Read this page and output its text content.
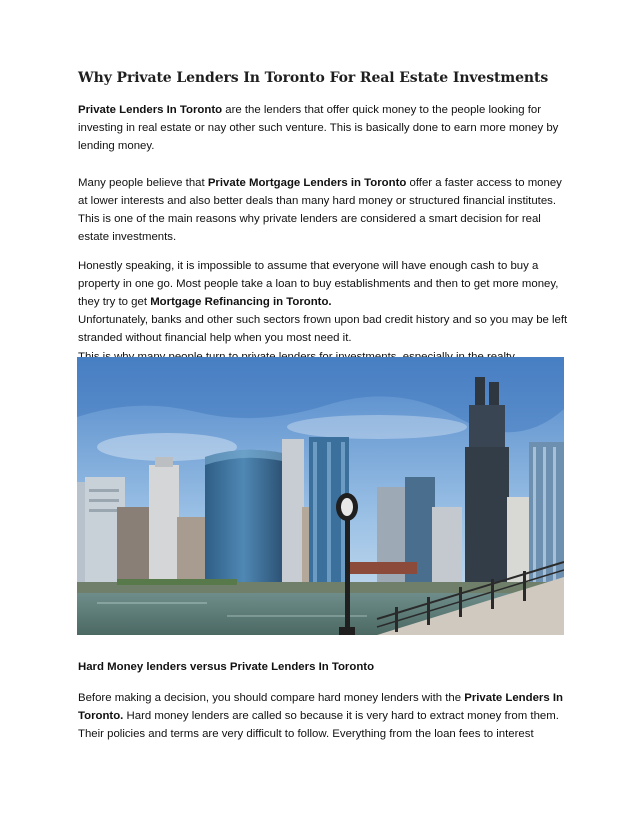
Why Private Lenders In Toronto For Real Estate Investments

Private Lenders In Toronto are the lenders that offer quick money to the people looking for investing in real estate or nay other such venture. This is basically done to earn more money by lending money.

Many people believe that Private Mortgage Lenders in Toronto offer a faster access to money at lower interests and also better deals than many hard money or structured financial institutes. This is one of the main reasons why private lenders are considered a smart decision for real estate investments.

Honestly speaking, it is impossible to assume that everyone will have enough cash to buy a property in one go. Most people take a loan to buy establishments and then to get more money, they try to get Mortgage Refinancing in Toronto.
Unfortunately, banks and other such sectors frown upon bad credit history and so you may be left stranded without financial help when you most need it.

Hard Money lenders versus Private Lenders In Toronto

Before making a decision, you should compare hard money lenders with the Private Lenders In Toronto. Hard money lenders are called so because it is very hard to extract money from them. Their policies and terms are very difficult to follow. Everything from the loan fees to interest
